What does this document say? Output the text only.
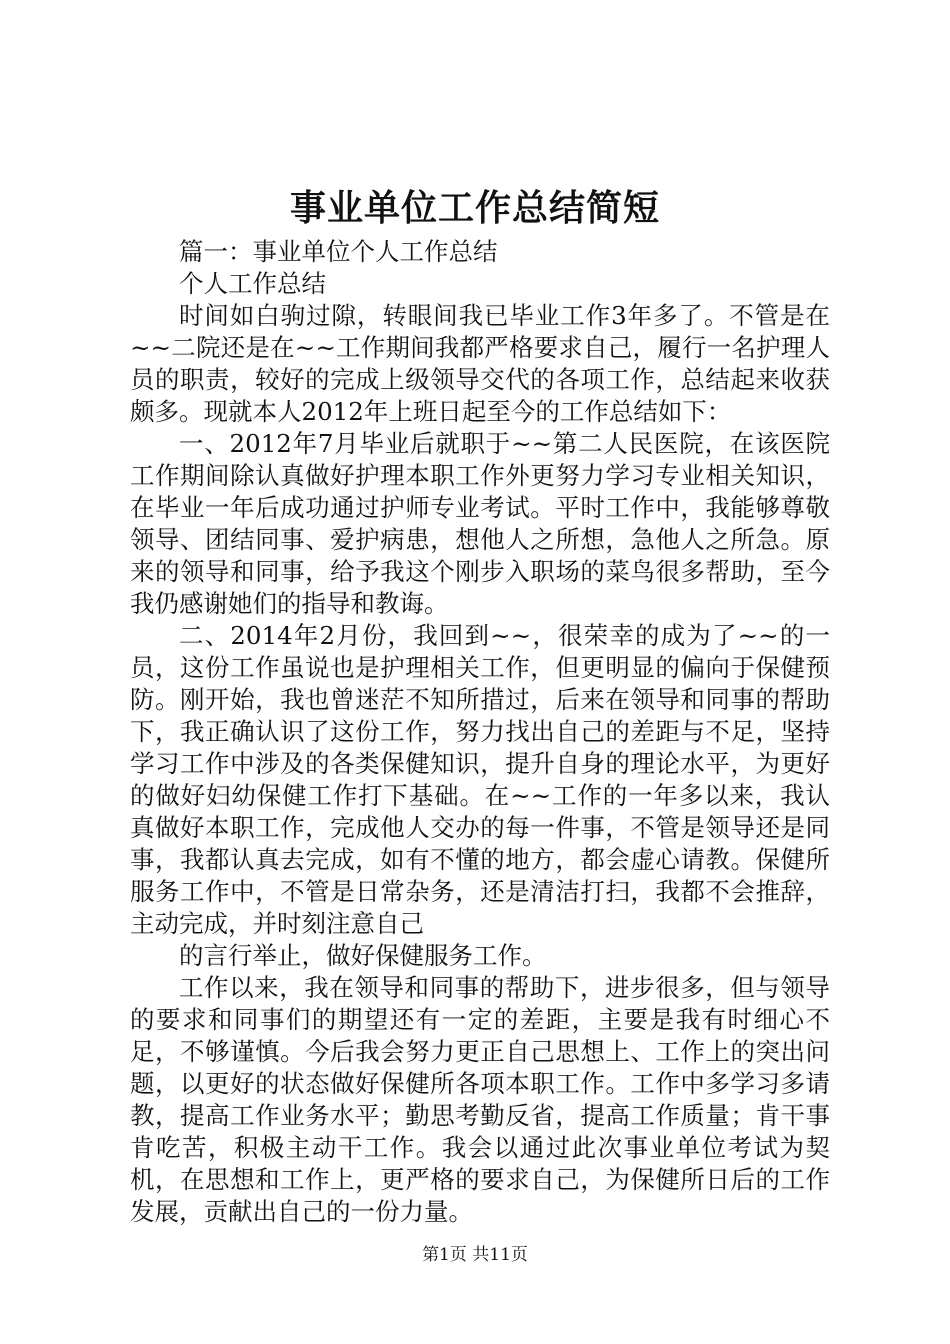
事业单位工作总结简短

篇一：事业单位个人工作总结

个人工作总结

时间如白驹过隙，转眼间我已毕业工作3年多了。不管是在~~二院还是在~~工作期间我都严格要求自己，履行一名护理人员的职责，较好的完成上级领导交代的各项工作，总结起来收获颇多。现就本人2012年上班日起至今的工作总结如下：

一、2012年7月毕业后就职于~~第二人民医院，在该医院工作期间除认真做好护理本职工作外更努力学习专业相关知识，在毕业一年后成功通过护师专业考试。平时工作中，我能够尊敬领导、团结同事、爱护病患，想他人之所想，急他人之所急。原来的领导和同事，给予我这个刚步入职场的菜鸟很多帮助，至今我仍感谢她们的指导和教诲。

二、2014年2月份，我回到~~，很荣幸的成为了~~的一员，这份工作虽说也是护理相关工作，但更明显的偏向于保健预防。刚开始，我也曾迷茫不知所措过，后来在领导和同事的帮助下，我正确认识了这份工作，努力找出自己的差距与不足，坚持学习工作中涉及的各类保健知识，提升自身的理论水平，为更好的做好妇幼保健工作打下基础。在~~工作的一年多以来，我认真做好本职工作，完成他人交办的每一件事，不管是领导还是同事，我都认真去完成，如有不懂的地方，都会虚心请教。保健所服务工作中，不管是日常杂务，还是清洁打扫，我都不会推辞，主动完成，并时刻注意自己

的言行举止，做好保健服务工作。

工作以来，我在领导和同事的帮助下，进步很多，但与领导的要求和同事们的期望还有一定的差距，主要是我有时细心不足，不够谨慎。今后我会努力更正自己思想上、工作上的突出问题，以更好的状态做好保健所各项本职工作。工作中多学习多请教，提高工作业务水平；勤思考勤反省，提高工作质量；肯干事肯吃苦，积极主动干工作。我会以通过此次事业单位考试为契机，在思想和工作上，更严格的要求自己，为保健所日后的工作发展，贡献出自己的一份力量。

第1页 共11页
